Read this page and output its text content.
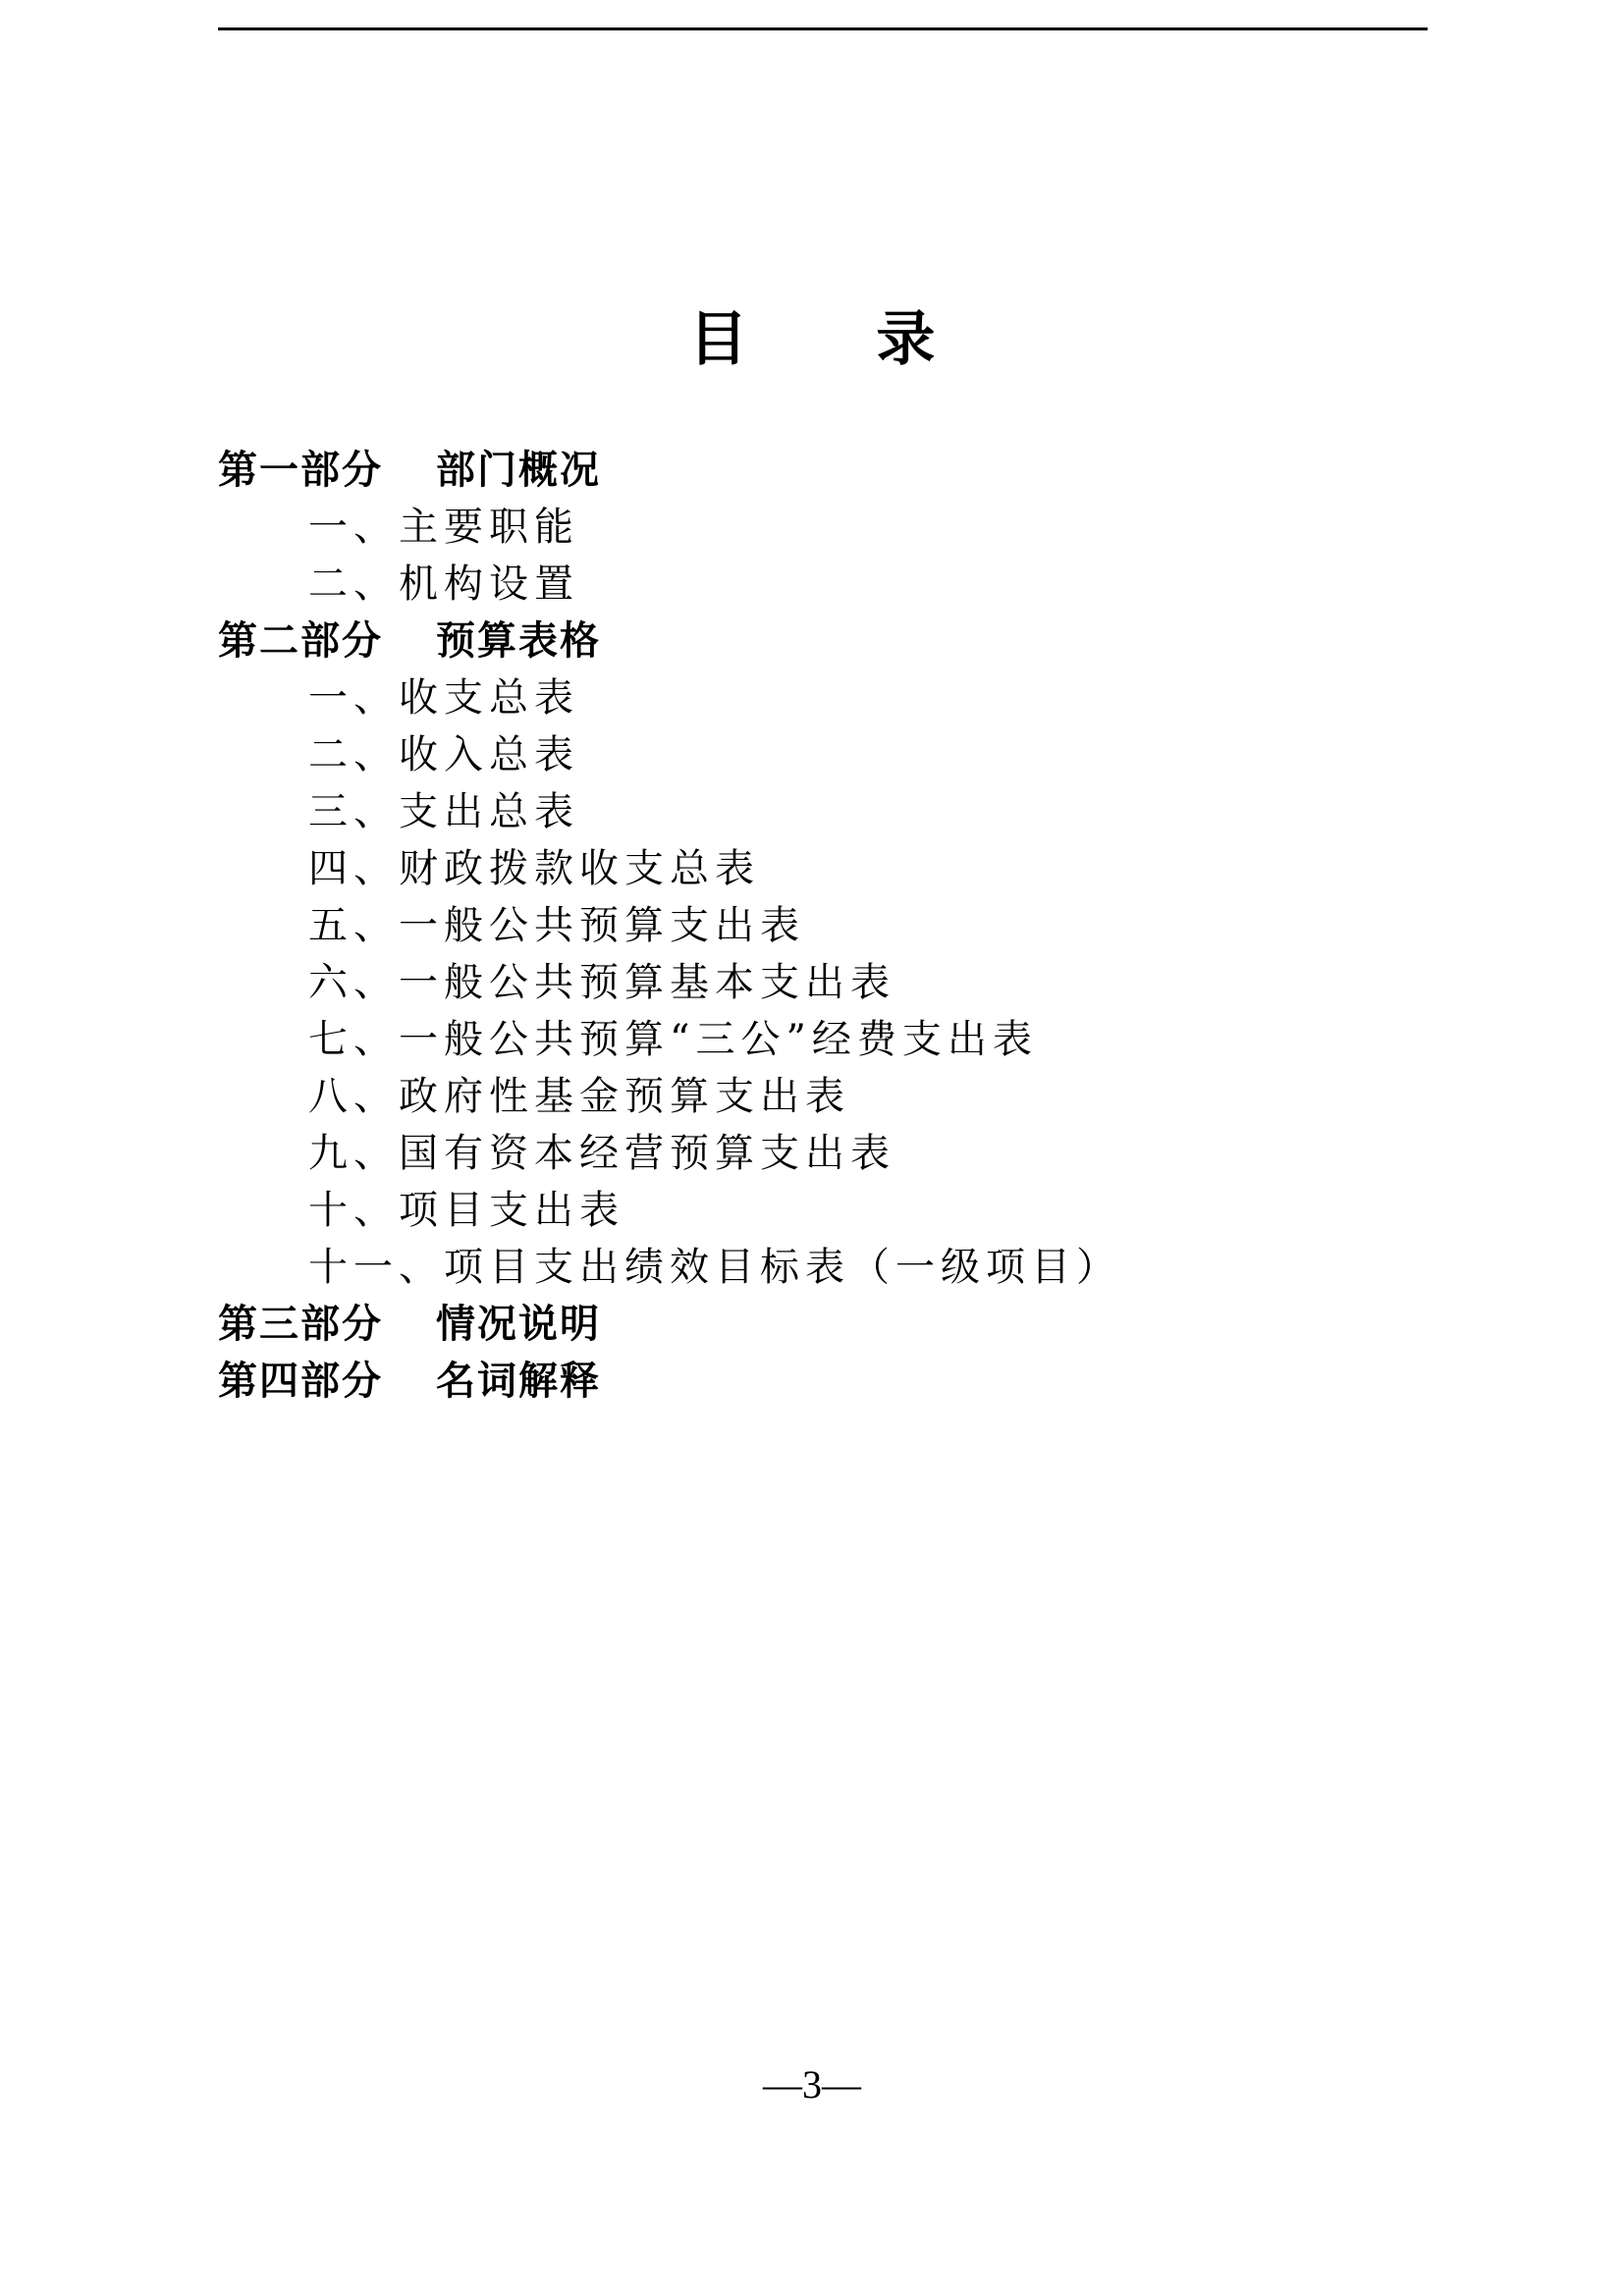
目 录
第一部分 部门概况
一、主要职能
二、机构设置
第二部分 预算表格
一、收支总表
二、收入总表
三、支出总表
四、财政拨款收支总表
五、一般公共预算支出表
六、一般公共预算基本支出表
七、一般公共预算“三公”经费支出表
八、政府性基金预算支出表
九、国有资本经营预算支出表
十、项目支出表
十一、项目支出绩效目标表（一级项目）
第三部分 情况说明
第四部分 名词解释
—3—
